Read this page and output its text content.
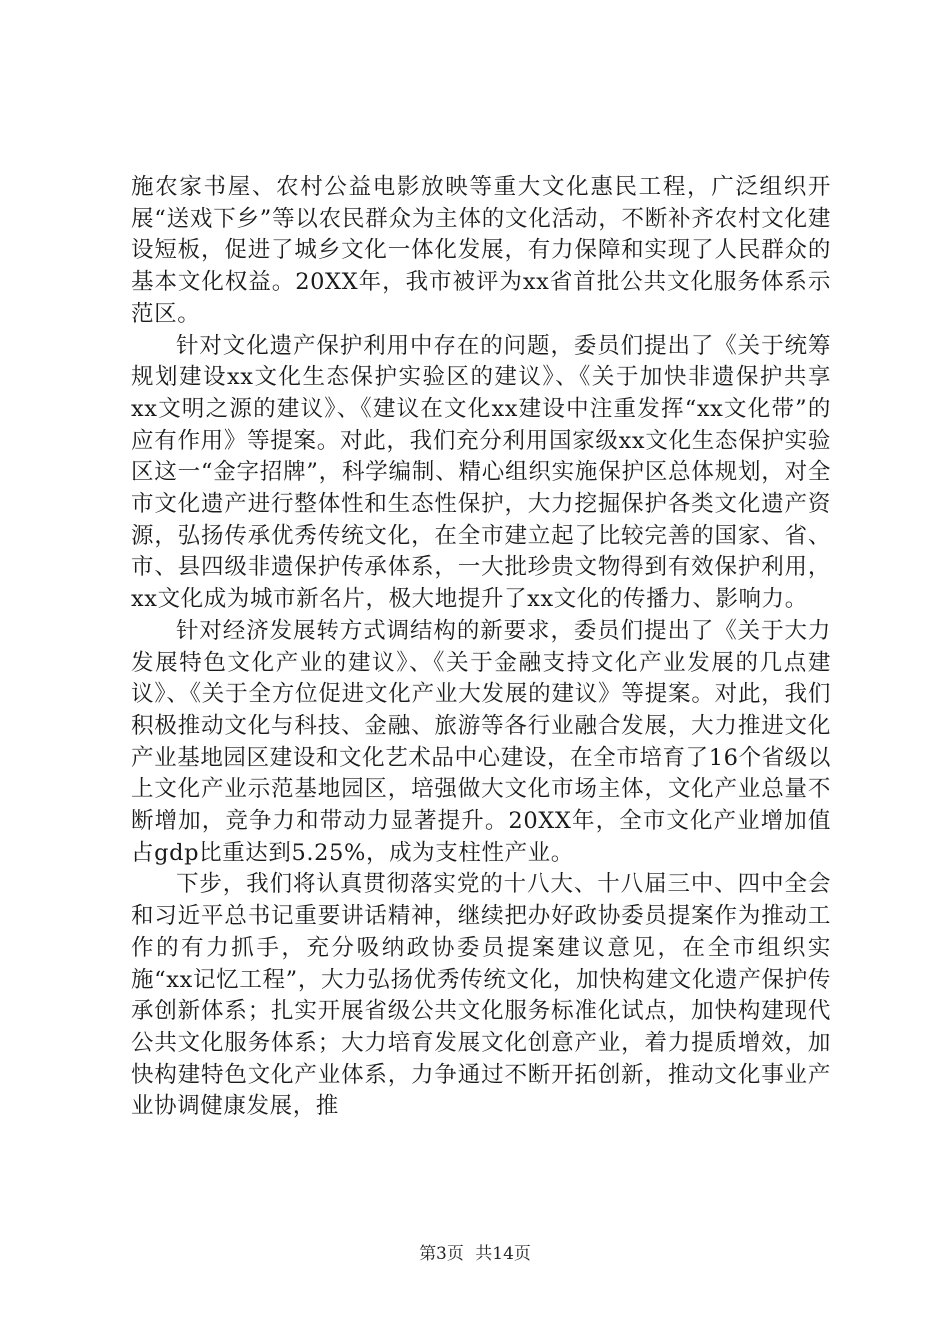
施农家书屋、农村公益电影放映等重大文化惠民工程，广泛组织开展“送戏下乡”等以农民群众为主体的文化活动，不断补齐农村文化建设短板，促进了城乡文化一体化发展，有力保障和实现了人民群众的基本文化权益。20XX年，我市被评为xx省首批公共文化服务体系示范区。

针对文化遗产保护利用中存在的问题，委员们提出了《关于统筹规划建设xx文化生态保护实验区的建议》、《关于加快非遗保护共享xx文明之源的建议》、《建议在文化xx建设中注重发挥“xx文化带”的应有作用》等提案。对此，我们充分利用国家级xx文化生态保护实验区这一“金字招牌”，科学编制、精心组织实施保护区总体规划，对全市文化遗产进行整体性和生态性保护，大力挖掘保护各类文化遗产资源，弘扬传承优秀传统文化，在全市建立起了比较完善的国家、省、市、县四级非遗保护传承体系，一大批珍贵文物得到有效保护利用，xx文化成为城市新名片，极大地提升了xx文化的传播力、影响力。

针对经济发展转方式调结构的新要求，委员们提出了《关于大力发展特色文化产业的建议》、《关于金融支持文化产业发展的几点建议》、《关于全方位促进文化产业大发展的建议》等提案。对此，我们积极推动文化与科技、金融、旅游等各行业融合发展，大力推进文化产业基地园区建设和文化艺术品中心建设，在全市培育了16个省级以上文化产业示范基地园区，培强做大文化市场主体，文化产业总量不断增加，竞争力和带动力显著提升。20XX年，全市文化产业增加值占gdp比重达到5.25%，成为支柱性产业。

下步，我们将认真贯彻落实党的十八大、十八届三中、四中全会和习近平总书记重要讲话精神，继续把办好政协委员提案作为推动工作的有力抓手，充分吸纳政协委员提案建议意见，在全市组织实施“xx记忆工程”，大力弘扬优秀传统文化，加快构建文化遗产保护传承创新体系；扎实开展省级公共文化服务标准化试点，加快构建现代公共文化服务体系；大力培育发展文化创意产业，着力提质增效，加快构建特色文化产业体系，力争通过不断开拓创新，推动文化事业产业协调健康发展，推

第3页 共14页
